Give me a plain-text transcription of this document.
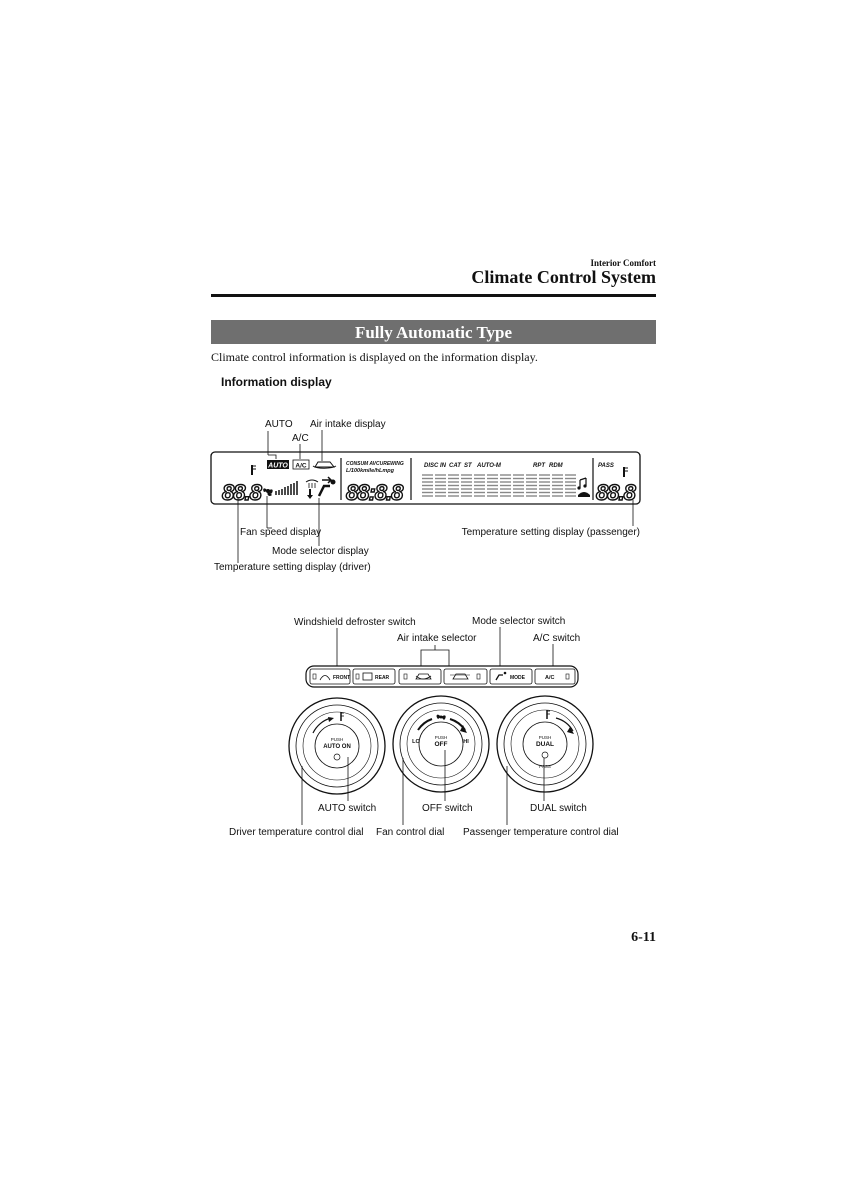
Interior Comfort
Climate Control System
Fully Automatic Type
Climate control information is displayed on the information display.
Information display
AUTO A/C
88.8
CONSUM AVCUREWING
L/100kmile/hLmpg
88:8.8
DISC IN CAT ST AUTO-M	RPT RDM	PASS
88.8
AUTO
A/C
Air intake display
Fan speed display
Mode selector display
Temperature setting display (driver)
Temperature setting display (passenger)
Windshield defroster switch
Air intake selector
Mode selector switch
A/C switch
FRONT	REAR	MODE	A/C
PUSH
AUTO ON
LO	HI
PUSH
OFF
PUSH
DUAL
PASS
AUTO switch	OFF switch	DUAL switch
Driver temperature control dial Fan control dial Passenger temperature control dial
6-11
